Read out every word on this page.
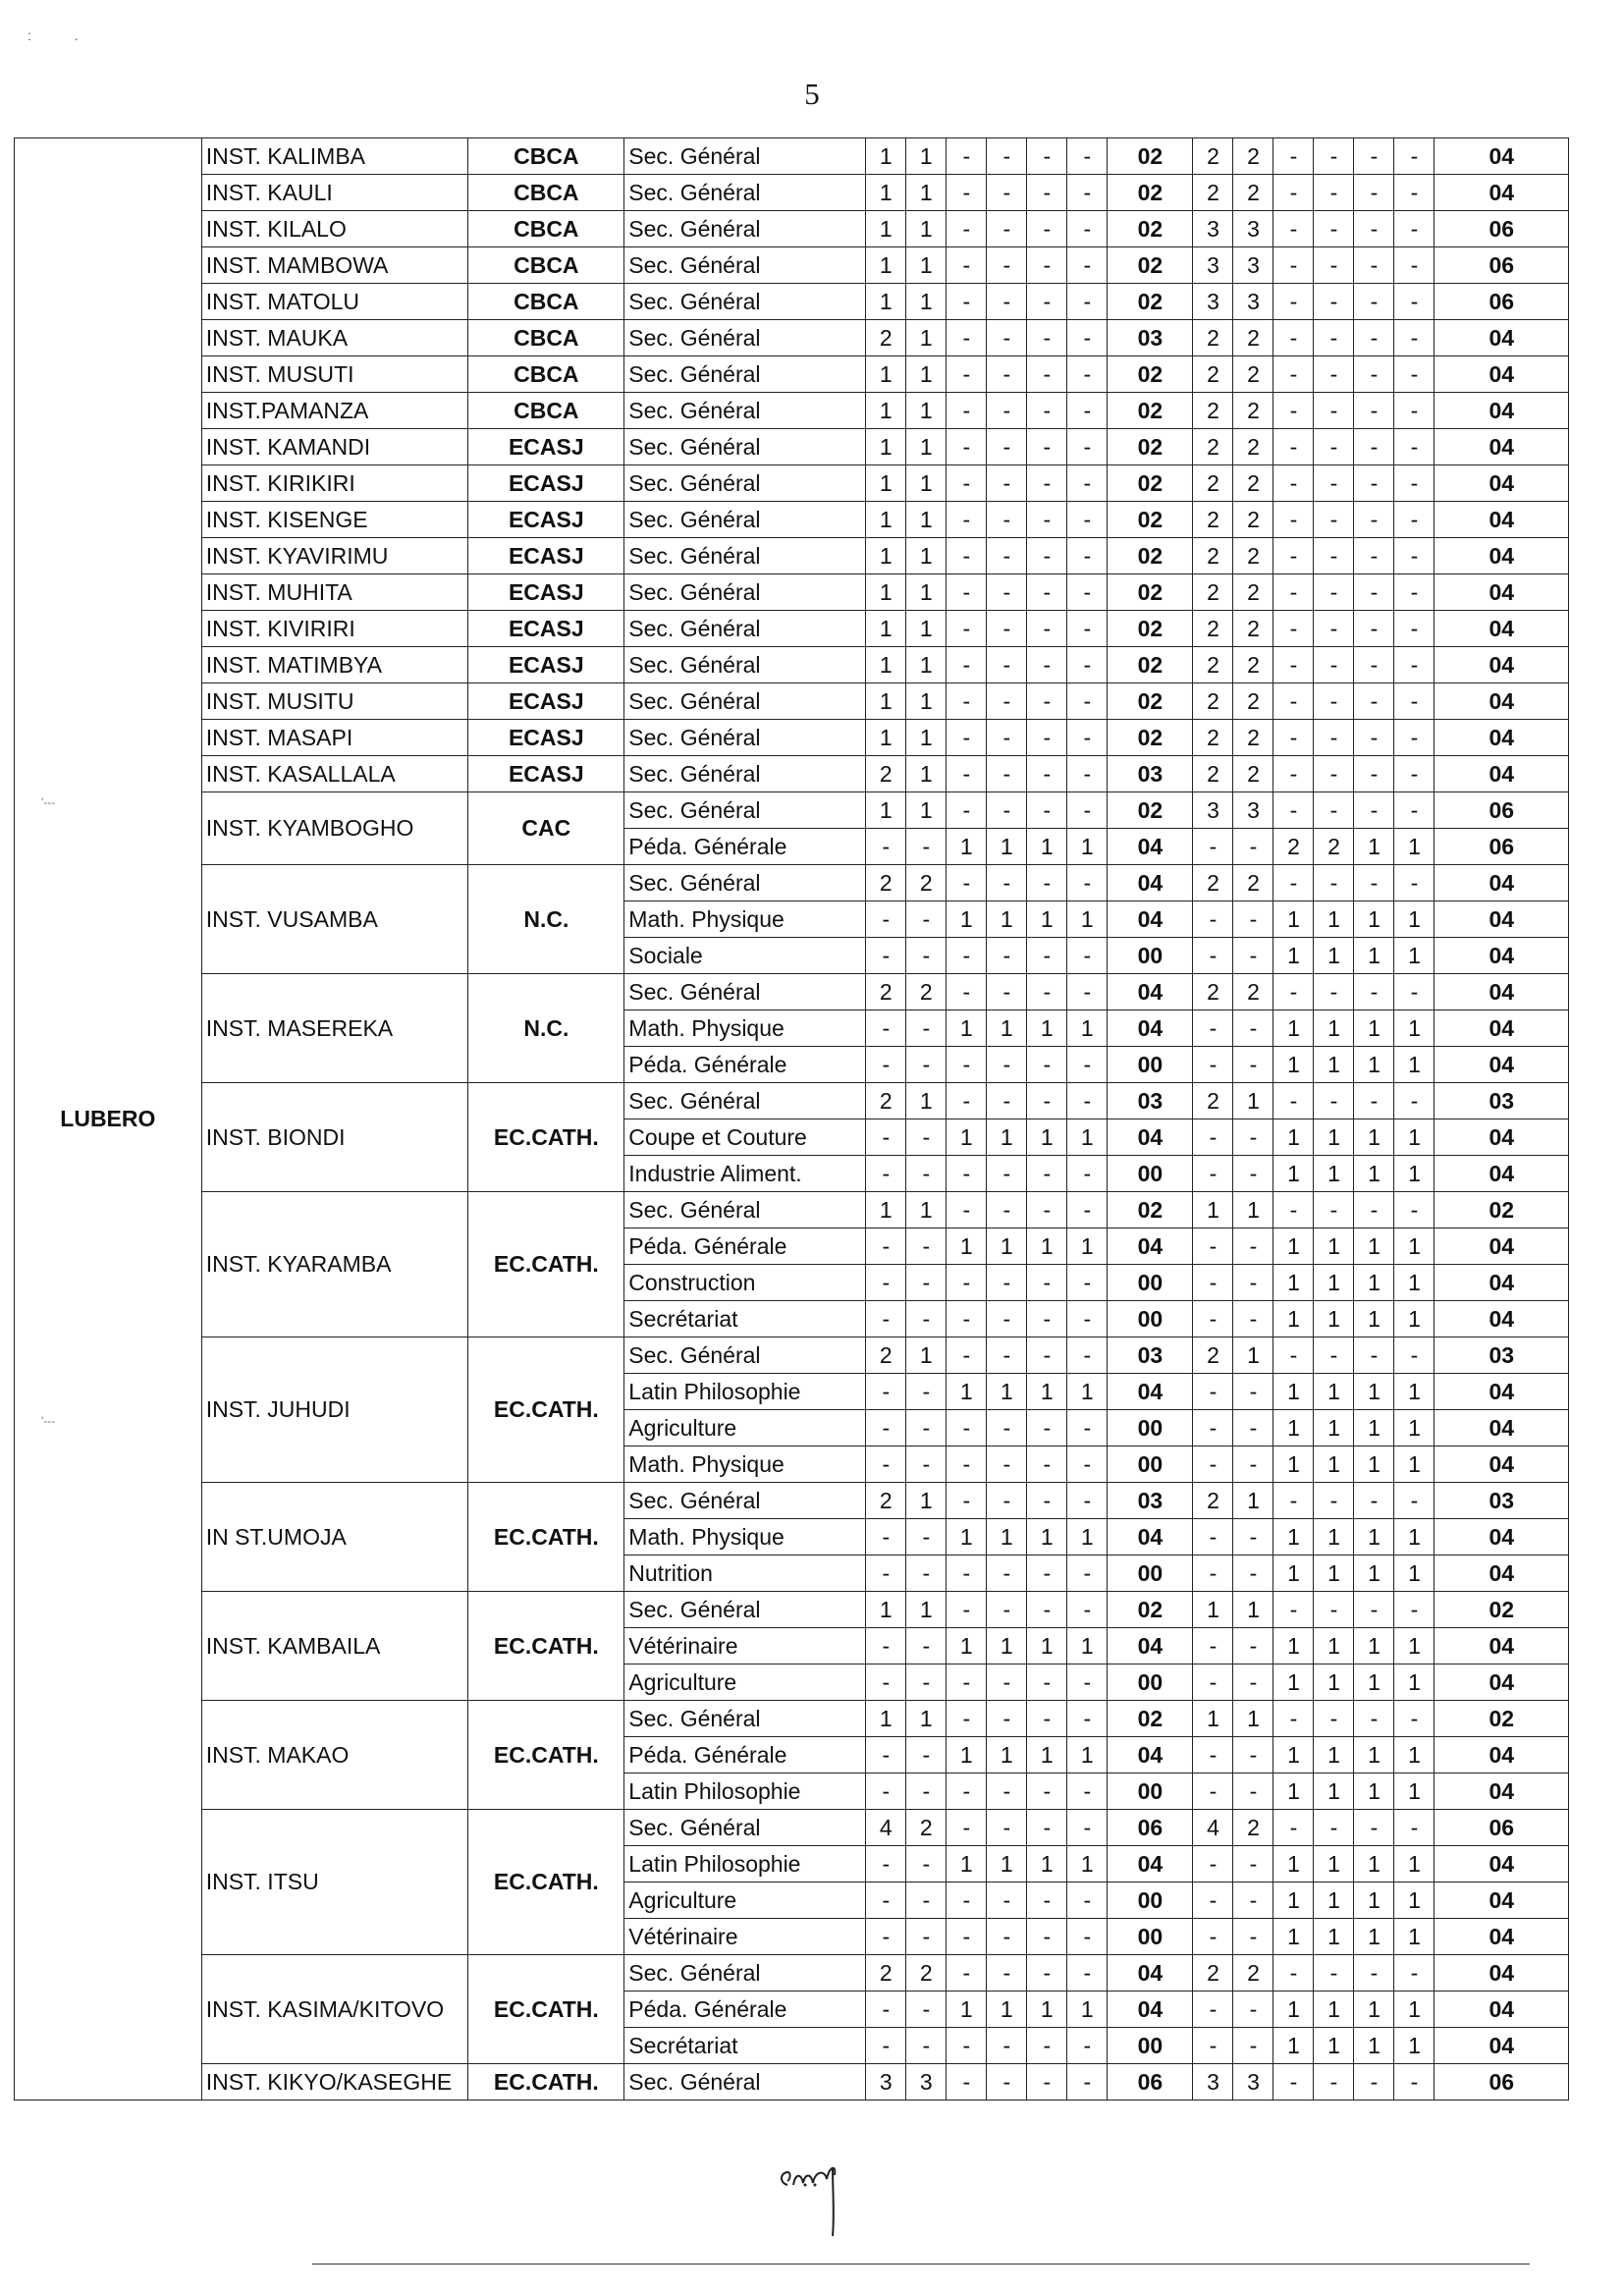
: .
5
LUBERO	INST. KALIMBA	CBCA	Sec. Général	1	1	-	-	-	-	02	2	2	-	-	-	-	04
	INST. KAULI	CBCA	Sec. Général	1	1	-	-	-	-	02	2	2	-	-	-	-	04
	INST. KILALO	CBCA	Sec. Général	1	1	-	-	-	-	02	3	3	-	-	-	-	06
	INST. MAMBOWA	CBCA	Sec. Général	1	1	-	-	-	-	02	3	3	-	-	-	-	06
	INST. MATOLU	CBCA	Sec. Général	1	1	-	-	-	-	02	3	3	-	-	-	-	06
	INST. MAUKA	CBCA	Sec. Général	2	1	-	-	-	-	03	2	2	-	-	-	-	04
	INST. MUSUTI	CBCA	Sec. Général	1	1	-	-	-	-	02	2	2	-	-	-	-	04
	INST.PAMANZA	CBCA	Sec. Général	1	1	-	-	-	-	02	2	2	-	-	-	-	04
	INST. KAMANDI	ECASJ	Sec. Général	1	1	-	-	-	-	02	2	2	-	-	-	-	04
	INST. KIRIKIRI	ECASJ	Sec. Général	1	1	-	-	-	-	02	2	2	-	-	-	-	04
	INST. KISENGE	ECASJ	Sec. Général	1	1	-	-	-	-	02	2	2	-	-	-	-	04
	INST. KYAVIRIMU	ECASJ	Sec. Général	1	1	-	-	-	-	02	2	2	-	-	-	-	04
	INST. MUHITA	ECASJ	Sec. Général	1	1	-	-	-	-	02	2	2	-	-	-	-	04
	INST. KIVIRIRI	ECASJ	Sec. Général	1	1	-	-	-	-	02	2	2	-	-	-	-	04
	INST. MATIMBYA	ECASJ	Sec. Général	1	1	-	-	-	-	02	2	2	-	-	-	-	04
	INST. MUSITU	ECASJ	Sec. Général	1	1	-	-	-	-	02	2	2	-	-	-	-	04
	INST. MASAPI	ECASJ	Sec. Général	1	1	-	-	-	-	02	2	2	-	-	-	-	04
	INST. KASALLALA	ECASJ	Sec. Général	2	1	-	-	-	-	03	2	2	-	-	-	-	04
	INST. KYAMBOGHO	CAC	Sec. Général	1	1	-	-	-	-	02	3	3	-	-	-	-	06
			Péda. Générale	-	-	1	1	1	1	04	-	-	2	2	1	1	06
	INST. VUSAMBA	N.C.	Sec. Général	2	2	-	-	-	-	04	2	2	-	-	-	-	04
			Math. Physique	-	-	1	1	1	1	04	-	-	1	1	1	1	04
			Sociale	-	-	-	-	-	-	00	-	-	1	1	1	1	04
	INST. MASEREKA	N.C.	Sec. Général	2	2	-	-	-	-	04	2	2	-	-	-	-	04
			Math. Physique	-	-	1	1	1	1	04	-	-	1	1	1	1	04
			Péda. Générale	-	-	-	-	-	-	00	-	-	1	1	1	1	04
	INST. BIONDI	EC.CATH.	Sec. Général	2	1	-	-	-	-	03	2	1	-	-	-	-	03
			Coupe et Couture	-	-	1	1	1	1	04	-	-	1	1	1	1	04
			Industrie Aliment.	-	-	-	-	-	-	00	-	-	1	1	1	1	04
	INST. KYARAMBA	EC.CATH.	Sec. Général	1	1	-	-	-	-	02	1	1	-	-	-	-	02
			Péda. Générale	-	-	1	1	1	1	04	-	-	1	1	1	1	04
			Construction	-	-	-	-	-	-	00	-	-	1	1	1	1	04
			Secrétariat	-	-	-	-	-	-	00	-	-	1	1	1	1	04
	INST. JUHUDI	EC.CATH.	Sec. Général	2	1	-	-	-	-	03	2	1	-	-	-	-	03
			Latin Philosophie	-	-	1	1	1	1	04	-	-	1	1	1	1	04
			Agriculture	-	-	-	-	-	-	00	-	-	1	1	1	1	04
			Math. Physique	-	-	-	-	-	-	00	-	-	1	1	1	1	04
	IN ST.UMOJA	EC.CATH.	Sec. Général	2	1	-	-	-	-	03	2	1	-	-	-	-	03
			Math. Physique	-	-	1	1	1	1	04	-	-	1	1	1	1	04
			Nutrition	-	-	-	-	-	-	00	-	-	1	1	1	1	04
	INST. KAMBAILA	EC.CATH.	Sec. Général	1	1	-	-	-	-	02	1	1	-	-	-	-	02
			Vétérinaire	-	-	1	1	1	1	04	-	-	1	1	1	1	04
			Agriculture	-	-	-	-	-	-	00	-	-	1	1	1	1	04
	INST. MAKAO	EC.CATH.	Sec. Général	1	1	-	-	-	-	02	1	1	-	-	-	-	02
			Péda. Générale	-	-	1	1	1	1	04	-	-	1	1	1	1	04
			Latin Philosophie	-	-	-	-	-	-	00	-	-	1	1	1	1	04
	INST. ITSU	EC.CATH.	Sec. Général	4	2	-	-	-	-	06	4	2	-	-	-	-	06
			Latin Philosophie	-	-	1	1	1	1	04	-	-	1	1	1	1	04
			Agriculture	-	-	-	-	-	-	00	-	-	1	1	1	1	04
			Vétérinaire	-	-	-	-	-	-	00	-	-	1	1	1	1	04
	INST. KASIMA/KITOVO	EC.CATH.	Sec. Général	2	2	-	-	-	-	04	2	2	-	-	-	-	04
			Péda. Générale	-	-	1	1	1	1	04	-	-	1	1	1	1	04
			Secrétariat	-	-	-	-	-	-	00	-	-	1	1	1	1	04
	INST. KIKYO/KASEGHE	EC.CATH.	Sec. Général	3	3	-	-	-	-	06	3	3	-	-	-	-	06
'---
'---
